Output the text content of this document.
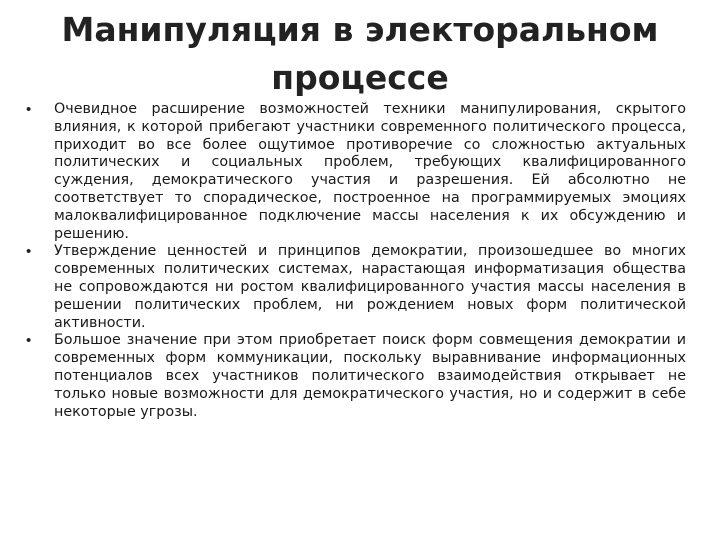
Манипуляция в электоральном
процессе
• Очевидное расширение возможностей техники манипулирования, скрытого влияния, к которой прибегают участники современного политического процесса, приходит во все более ощутимое противоречие со сложностью актуальных политических и социальных проблем, требующих квалифицированного суждения, демократического участия и разрешения. Ей абсолютно не соответствует то спорадическое, построенное на программируемых эмоциях малоквалифицированное подключение массы населения к их обсуждению и решению.
• Утверждение ценностей и принципов демократии, произошедшее во многих современных политических системах, нарастающая информатизация общества не сопровождаются ни ростом квалифицированного участия массы населения в решении политических проблем, ни рождением новых форм политической активности.
• Большое значение при этом приобретает поиск форм совмещения демократии и современных форм коммуникации, поскольку выравнивание информационных потенциалов всех участников политического взаимодействия открывает не только новые возможности для демократического участия, но и содержит в себе некоторые угрозы.
